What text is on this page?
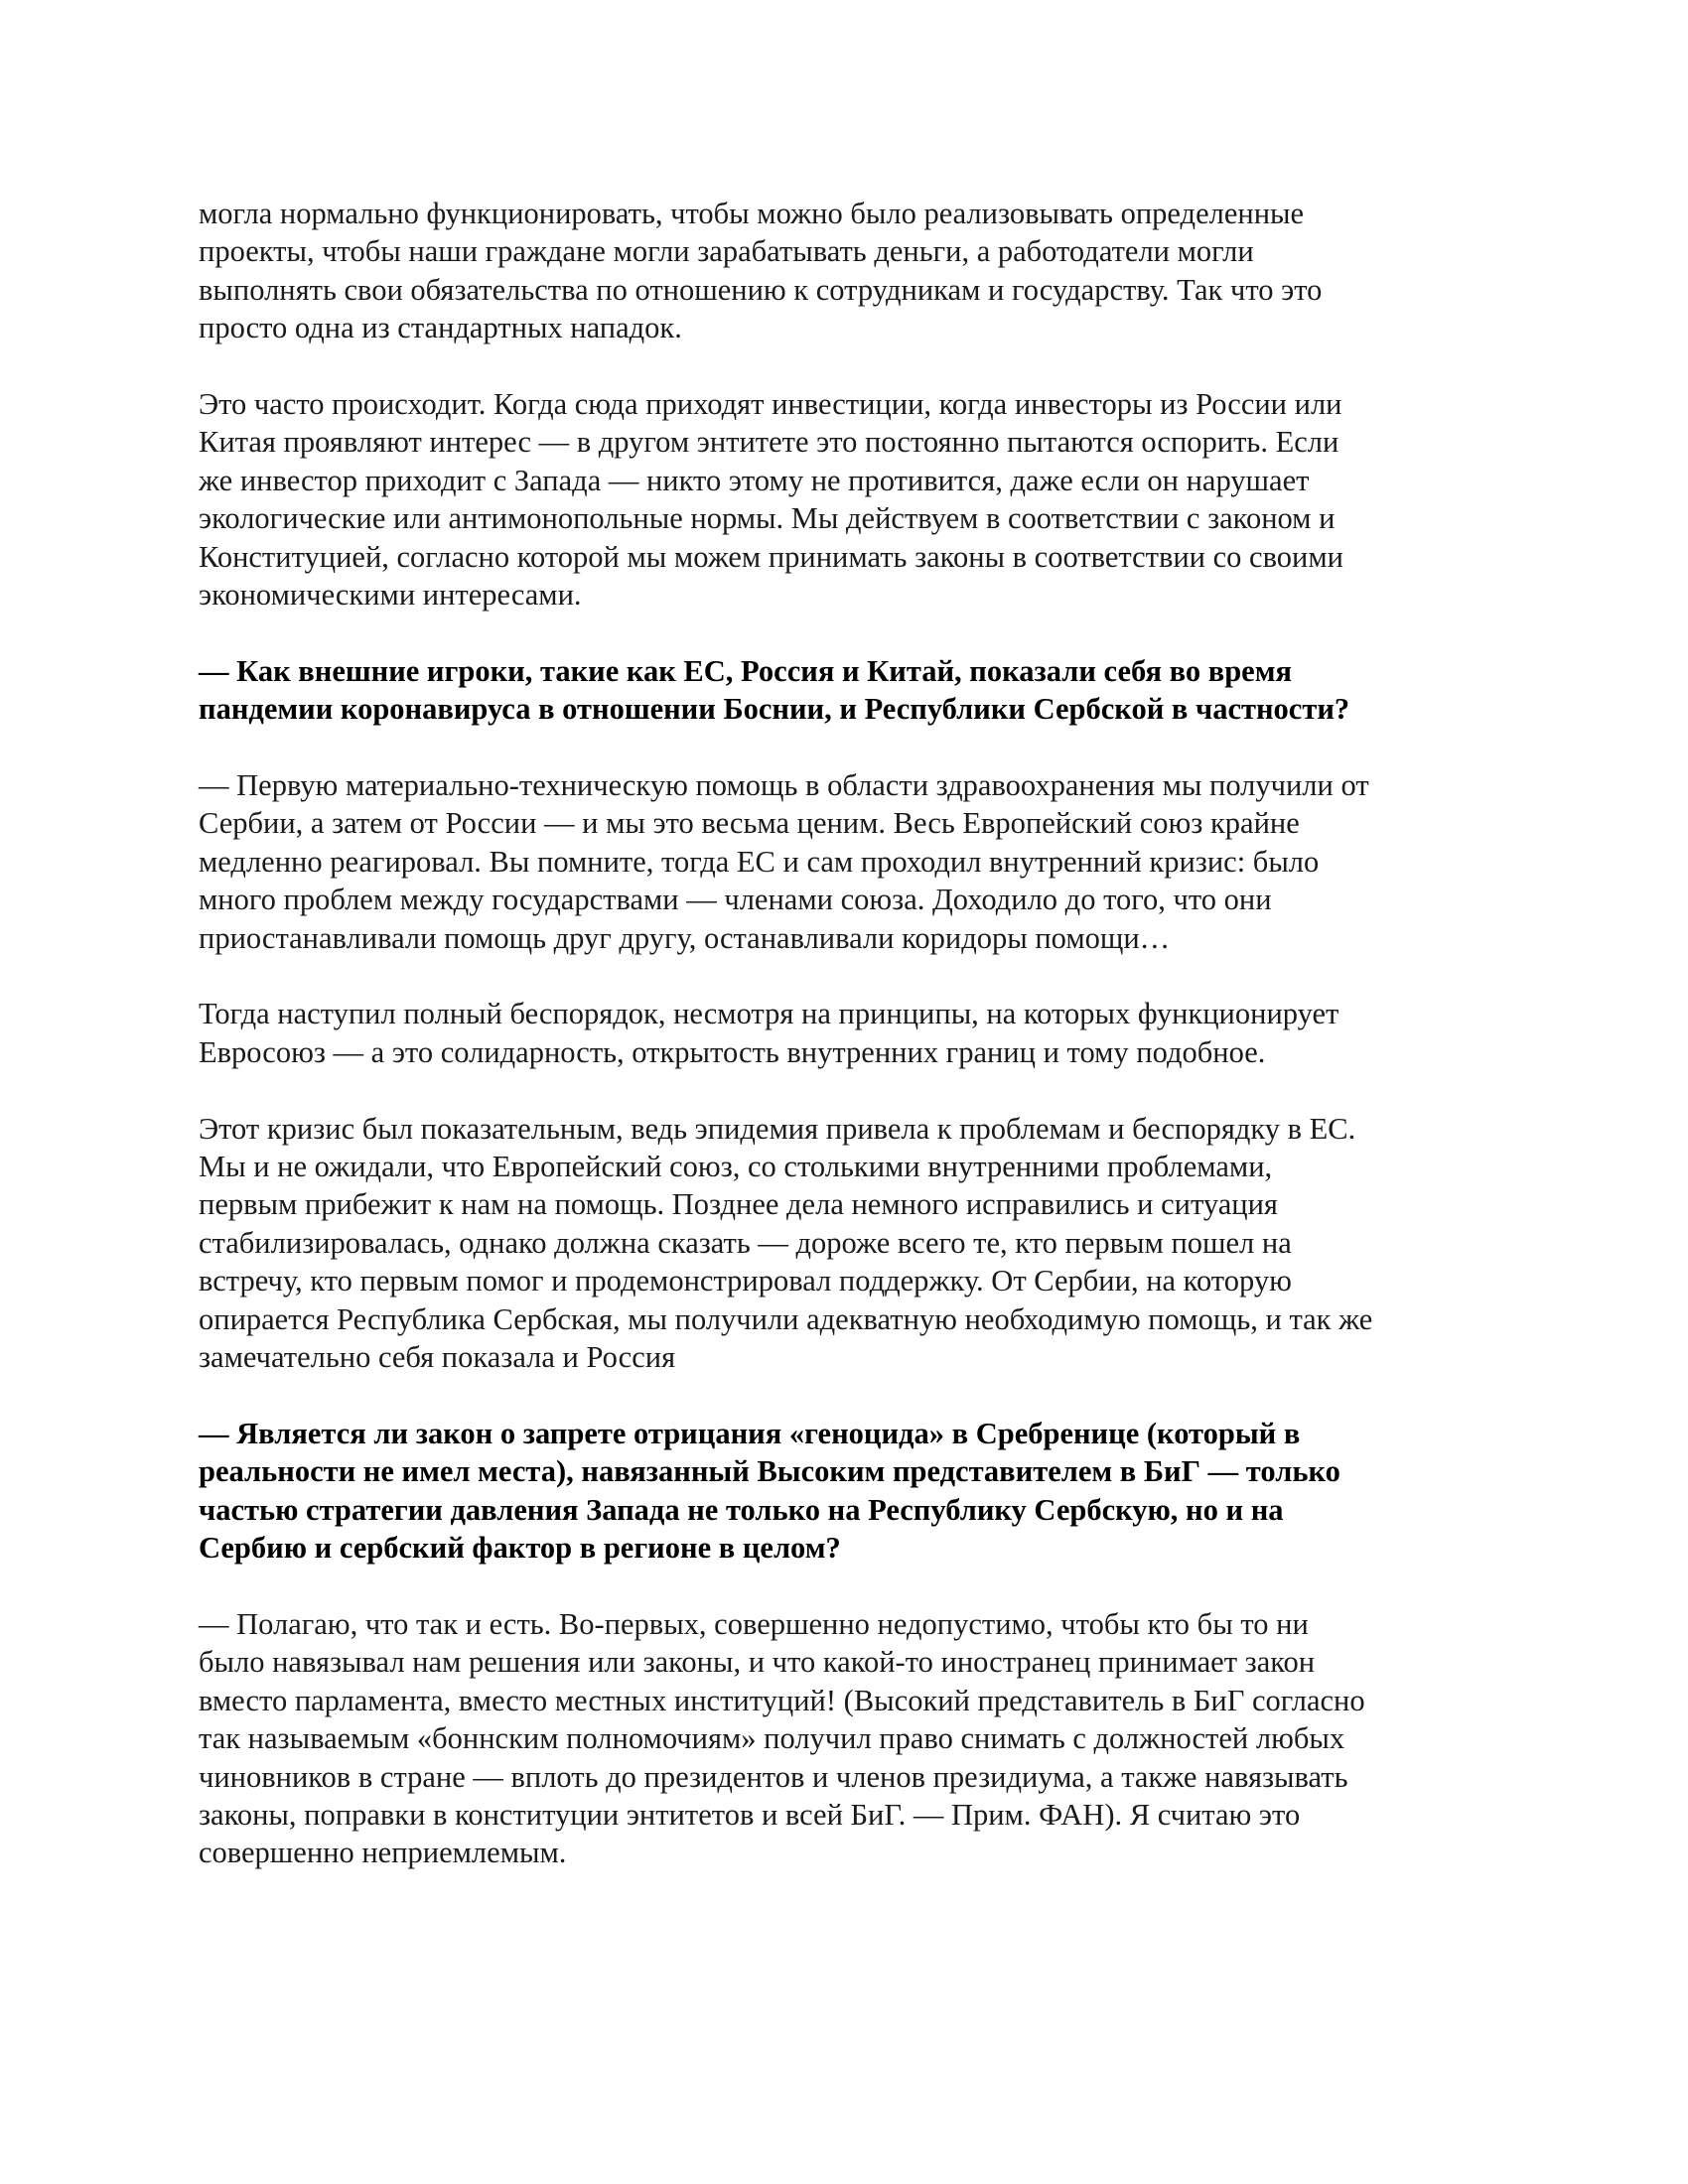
могла нормально функционировать, чтобы можно было реализовывать определенные
проекты, чтобы наши граждане могли зарабатывать деньги, а работодатели могли
выполнять свои обязательства по отношению к сотрудникам и государству. Так что это
просто одна из стандартных нападок.

Это часто происходит. Когда сюда приходят инвестиции, когда инвесторы из России или
Китая проявляют интерес — в другом энтитете это постоянно пытаются оспорить. Если
же инвестор приходит с Запада — никто этому не противится, даже если он нарушает
экологические или антимонопольные нормы. Мы действуем в соответствии с законом и
Конституцией, согласно которой мы можем принимать законы в соответствии со своими
экономическими интересами.

— Как внешние игроки, такие как ЕС, Россия и Китай, показали себя во время
пандемии коронавируса в отношении Боснии, и Республики Сербской в частности?

— Первую материально-техническую помощь в области здравоохранения мы получили от
Сербии, а затем от России — и мы это весьма ценим. Весь Европейский союз крайне
медленно реагировал. Вы помните, тогда ЕС и сам проходил внутренний кризис: было
много проблем между государствами — членами союза. Доходило до того, что они
приостанавливали помощь друг другу, останавливали коридоры помощи…

Тогда наступил полный беспорядок, несмотря на принципы, на которых функционирует
Евросоюз — а это солидарность, открытость внутренних границ и тому подобное.

Этот кризис был показательным, ведь эпидемия привела к проблемам и беспорядку в ЕС.
Мы и не ожидали, что Европейский союз, со столькими внутренними проблемами,
первым прибежит к нам на помощь. Позднее дела немного исправились и ситуация
стабилизировалась, однако должна сказать — дороже всего те, кто первым пошел на
встречу, кто первым помог и продемонстрировал поддержку. От Сербии, на которую
опирается Республика Сербская, мы получили адекватную необходимую помощь, и так же
замечательно себя показала и Россия

— Является ли закон о запрете отрицания «геноцида» в Сребренице (который в
реальности не имел места), навязанный Высоким представителем в БиГ — только
частью стратегии давления Запада не только на Республику Сербскую, но и на
Сербию и сербский фактор в регионе в целом?

— Полагаю, что так и есть. Во-первых, совершенно недопустимо, чтобы кто бы то ни
было навязывал нам решения или законы, и что какой-то иностранец принимает закон
вместо парламента, вместо местных институций! (Высокий представитель в БиГ согласно
так называемым «боннским полномочиям» получил право снимать с должностей любых
чиновников в стране — вплоть до президентов и членов президиума, а также навязывать
законы, поправки в конституции энтитетов и всей БиГ. — Прим. ФАН). Я считаю это
совершенно неприемлемым.
